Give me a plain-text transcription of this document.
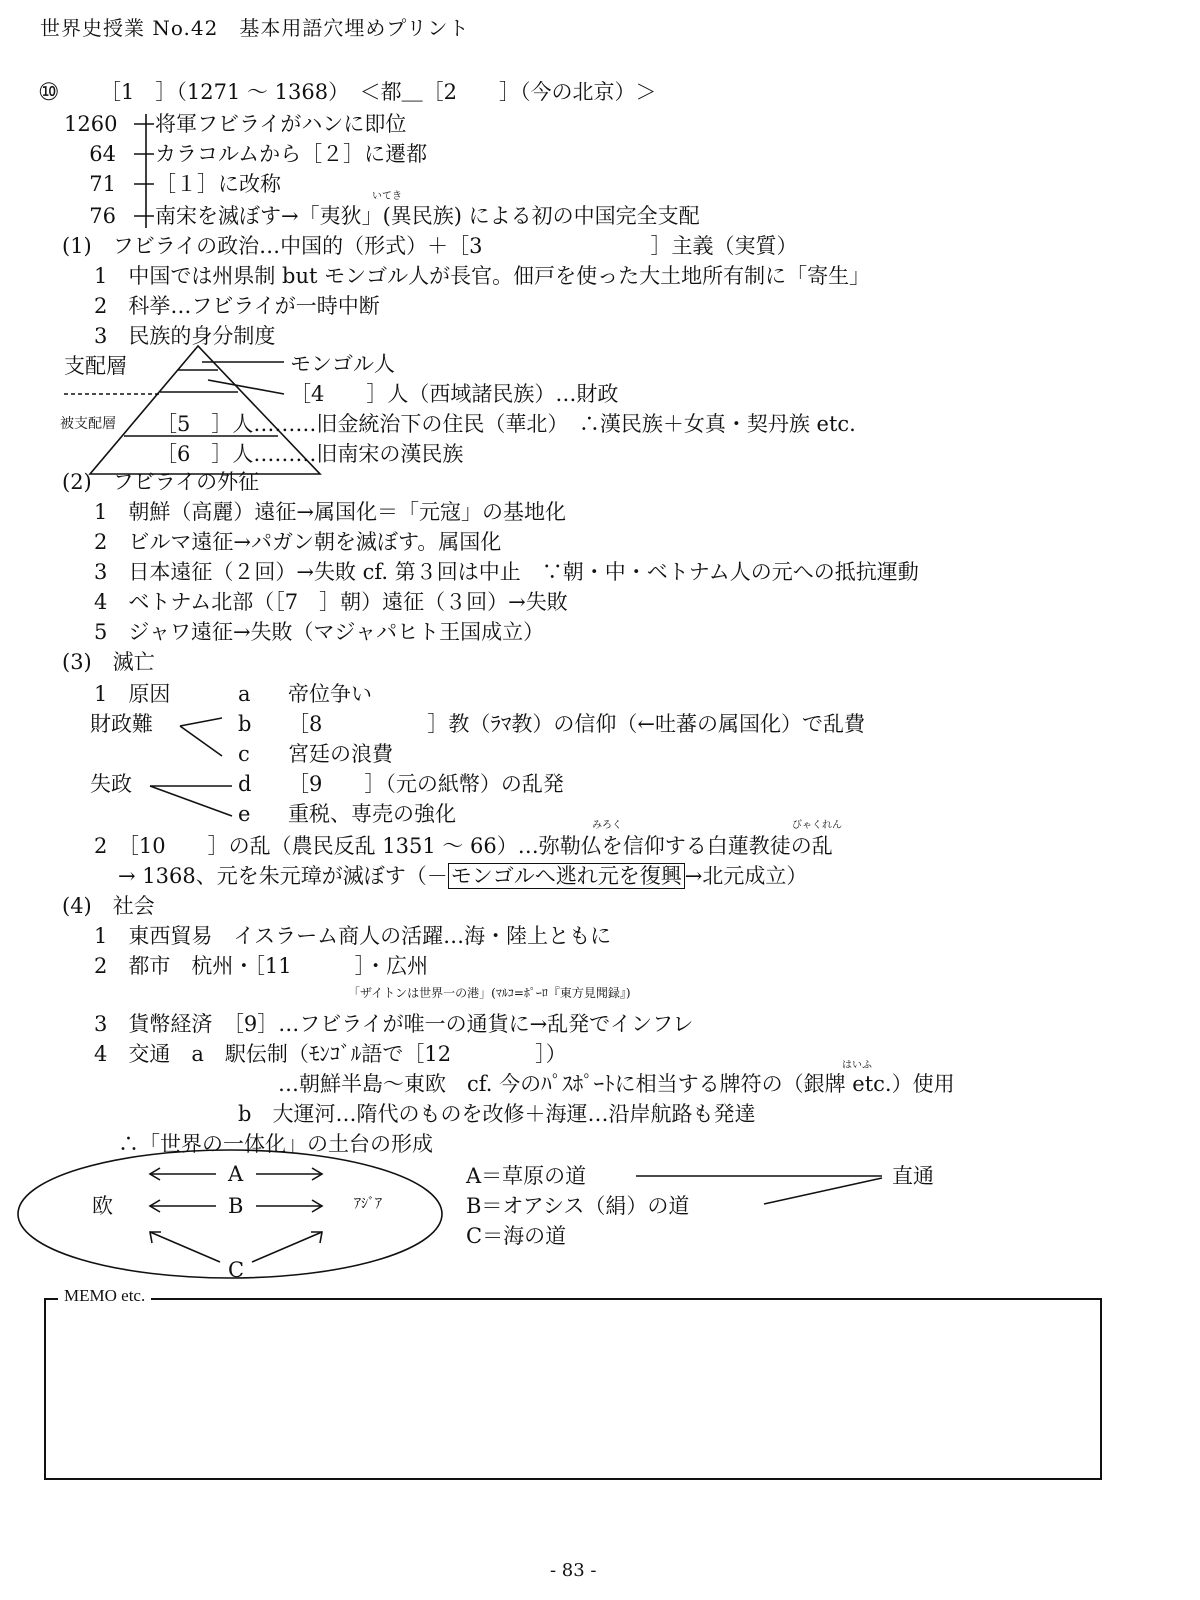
世界史授業 No.42　基本用語穴埋めプリント
⑩ ［1　］（1271 ～ 1368）　＜都＿［2　　］（今の北京）＞
1260 将軍フビライがハンに即位
64 カラコルムから［２］に遷都
71 ［１］に改称
いてき
76 南宋を滅ぼす→「夷狄」(異民族) による初の中国完全支配
(1)　フビライの政治…中国的（形式）＋［3　　　　　　　　］主義（実質）
1　中国では州県制 but モンゴル人が長官。佃戸を使った大土地所有制に「寄生」
2　科挙…フビライが一時中断
3　民族的身分制度
支配層
被支配層
モンゴル人
［4　　］人（西域諸民族）…財政
［5　］人………旧金統治下の住民（華北）　∴漢民族＋女真・契丹族 etc.
［6　］人………旧南宋の漢民族
(2)　フビライの外征
1　朝鮮（高麗）遠征→属国化＝「元寇」の基地化
2　ビルマ遠征→パガン朝を滅ぼす。属国化
3　日本遠征（２回）→失敗 cf. 第３回は中止　∵朝・中・ベトナム人の元への抵抗運動
4　ベトナム北部（［7　］朝）遠征（３回）→失敗
5　ジャワ遠征→失敗（マジャパヒト王国成立）
(3)　滅亡
1　原因
財政難
失政
a 帝位争い
b ［8　　　　　］教（ﾗﾏ教）の信仰（←吐蕃の属国化）で乱費
c 宮廷の浪費
d ［9　　］（元の紙幣）の乱発
e 重税、専売の強化	みろく	びゃくれん
2　［10　　］の乱（農民反乱 1351 ～ 66）…弥勒仏を信仰する白蓮教徒の乱
→ 1368、元を朱元璋が滅ぼす（－ モンゴルへ逃れ元を復興 →北元成立）
(4)　社会
1　東西貿易　イスラーム商人の活躍…海・陸上ともに
2　都市　杭州・［11　　　］・広州
「ザイトンは世界一の港」(ﾏﾙｺ=ﾎﾟｰﾛ『東方見聞録』)
3　貨幣経済　［9］…フビライが唯一の通貨に→乱発でインフレ
4　交通　a　駅伝制（ﾓﾝｺﾞﾙ語で［12　　　　］）	はいふ
…朝鮮半島～東欧　cf. 今のﾊﾟｽﾎﾟｰﾄに相当する牌符の（銀牌 etc.）使用
b　大運河…隋代のものを改修＋海運…沿岸航路も発達
∴「世界の一体化」の土台の形成
欧	ｱｼﾞｱ
A
B
C
A＝草原の道
B＝オアシス（絹）の道
C＝海の道
直通
MEMO etc.
- 83 -
